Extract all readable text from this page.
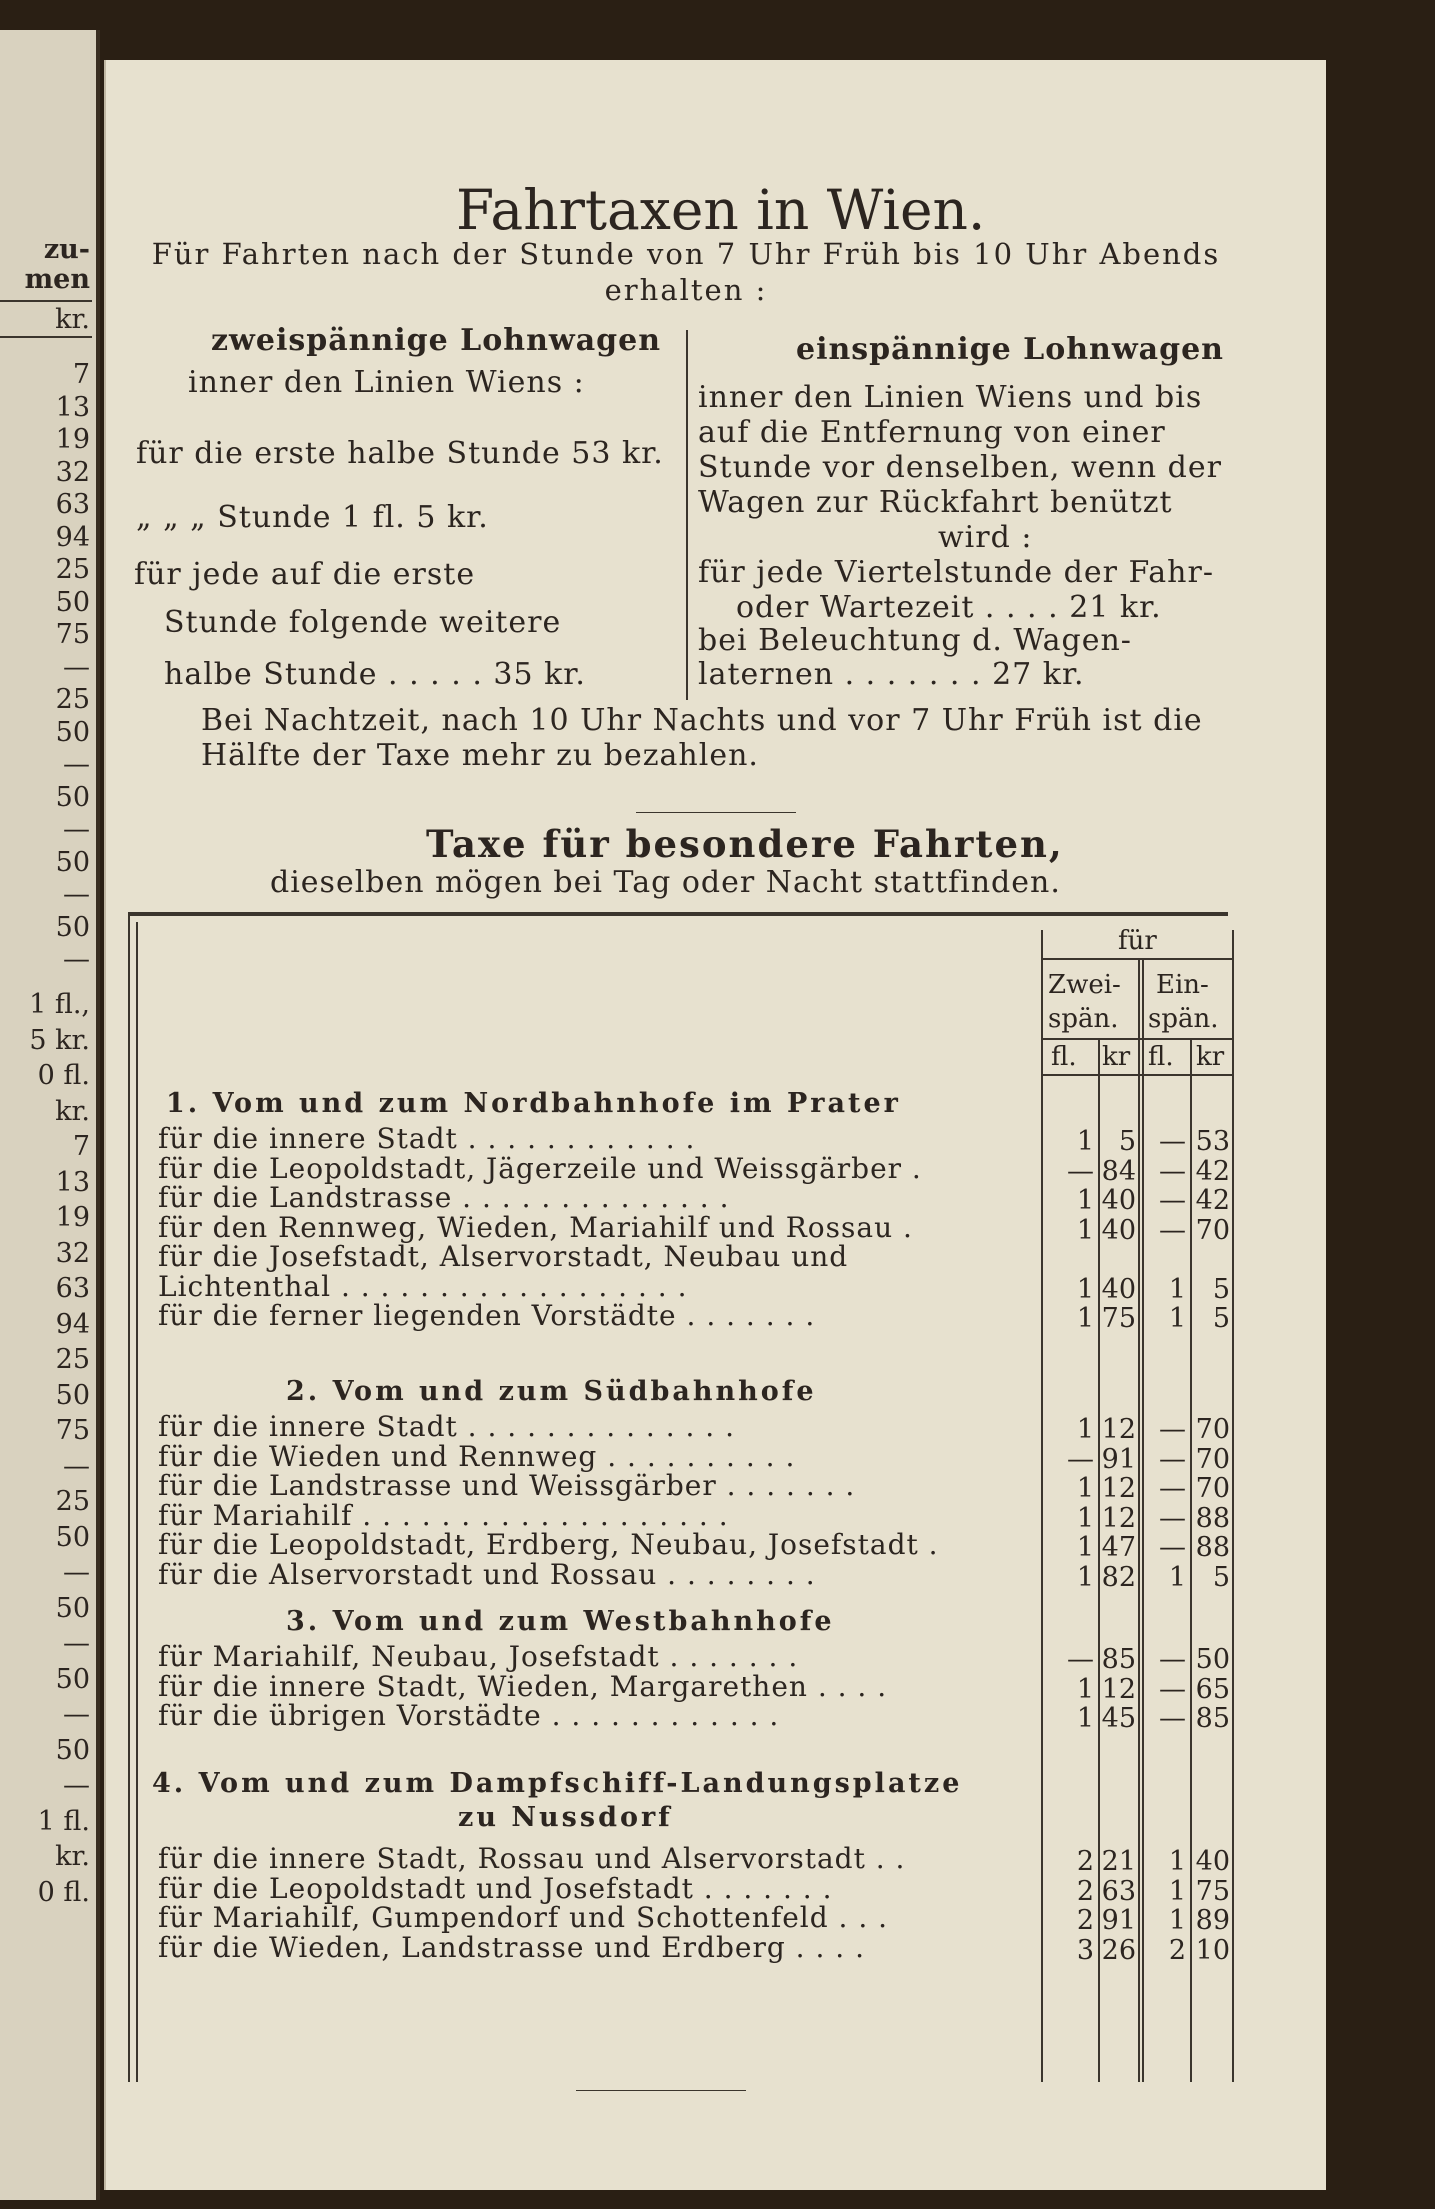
zu-
men
kr.
7
13
19
32
63
94
25
50
75
—
25
50
—
50
—
50
—
50
—
1 fl.,
5 kr.
0 fl.
kr.
7
13
19
32
63
94
25
50
75
—
25
50
—
50
—
50
—
50
—
1 fl.
kr.
0 fl.
Fahrtaxen in Wien.
Für Fahrten nach der Stunde von 7 Uhr Früh bis 10 Uhr Abends erhalten :
zweispännige Lohnwagen
inner den Linien Wiens :
für die erste halbe Stunde 53 kr.
„ „ „ Stunde 1 fl. 5 kr.
für jede auf die erste
Stunde folgende weitere
halbe Stunde . . . . . 35 kr.
einspännige Lohnwagen
inner den Linien Wiens und bis
auf die Entfernung von einer
Stunde vor denselben, wenn der
Wagen zur Rückfahrt benützt
wird :
für jede Viertelstunde der Fahr-
oder Wartezeit . . . . 21 kr.
bei Beleuchtung d. Wagen-
laternen . . . . . . . 27 kr.
Bei Nachtzeit, nach 10 Uhr Nachts und vor 7 Uhr Früh ist die
Hälfte der Taxe mehr zu bezahlen.
Taxe für besondere Fahrten,
dieselben mögen bei Tag oder Nacht stattfinden.
für
Zwei-
spän.
Ein-
spän.
fl. kr fl. kr
1. Vom und zum Nordbahnhofe im Prater
für die innere Stadt . . . . . . . . . . . .	1 5 — 53
für die Leopoldstadt, Jägerzeile und Weissgärber .	— 84 — 42
für die Landstrasse . . . . . . . . . . . . . .	1 40 — 42
für den Rennweg, Wieden, Mariahilf und Rossau .	1 40 — 70
für die Josefstadt, Alservorstadt, Neubau und
Lichtenthal . . . . . . . . . . . . . . . . . .	1 40	1 5
für die ferner liegenden Vorstädte . . . . . . .	1 75	1 5
2. Vom und zum Südbahnhofe
für die innere Stadt . . . . . . . . . . . . . .	1 12 — 70
für die Wieden und Rennweg . . . . . . . . . .	— 91 — 70
für die Landstrasse und Weissgärber . . . . . . .	1 12 — 70
für Mariahilf . . . . . . . . . . . . . . . . . . .	1 12 — 88
für die Leopoldstadt, Erdberg, Neubau, Josefstadt .	1 47 — 88
für die Alservorstadt und Rossau . . . . . . . .	1 82	1 5
3. Vom und zum Westbahnhofe
für Mariahilf, Neubau, Josefstadt . . . . . . .	— 85 — 50
für die innere Stadt, Wieden, Margarethen . . . .	1 12 — 65
für die übrigen Vorstädte . . . . . . . . . . . .	1 45 — 85
4. Vom und zum Dampfschiff-Landungsplatze
zu Nussdorf
für die innere Stadt, Rossau und Alservorstadt . .	2 21	1 40
für die Leopoldstadt und Josefstadt . . . . . . .	2 63	1 75
für Mariahilf, Gumpendorf und Schottenfeld . . .	2 91	1 89
für die Wieden, Landstrasse und Erdberg . . . .	3 26	2 10
